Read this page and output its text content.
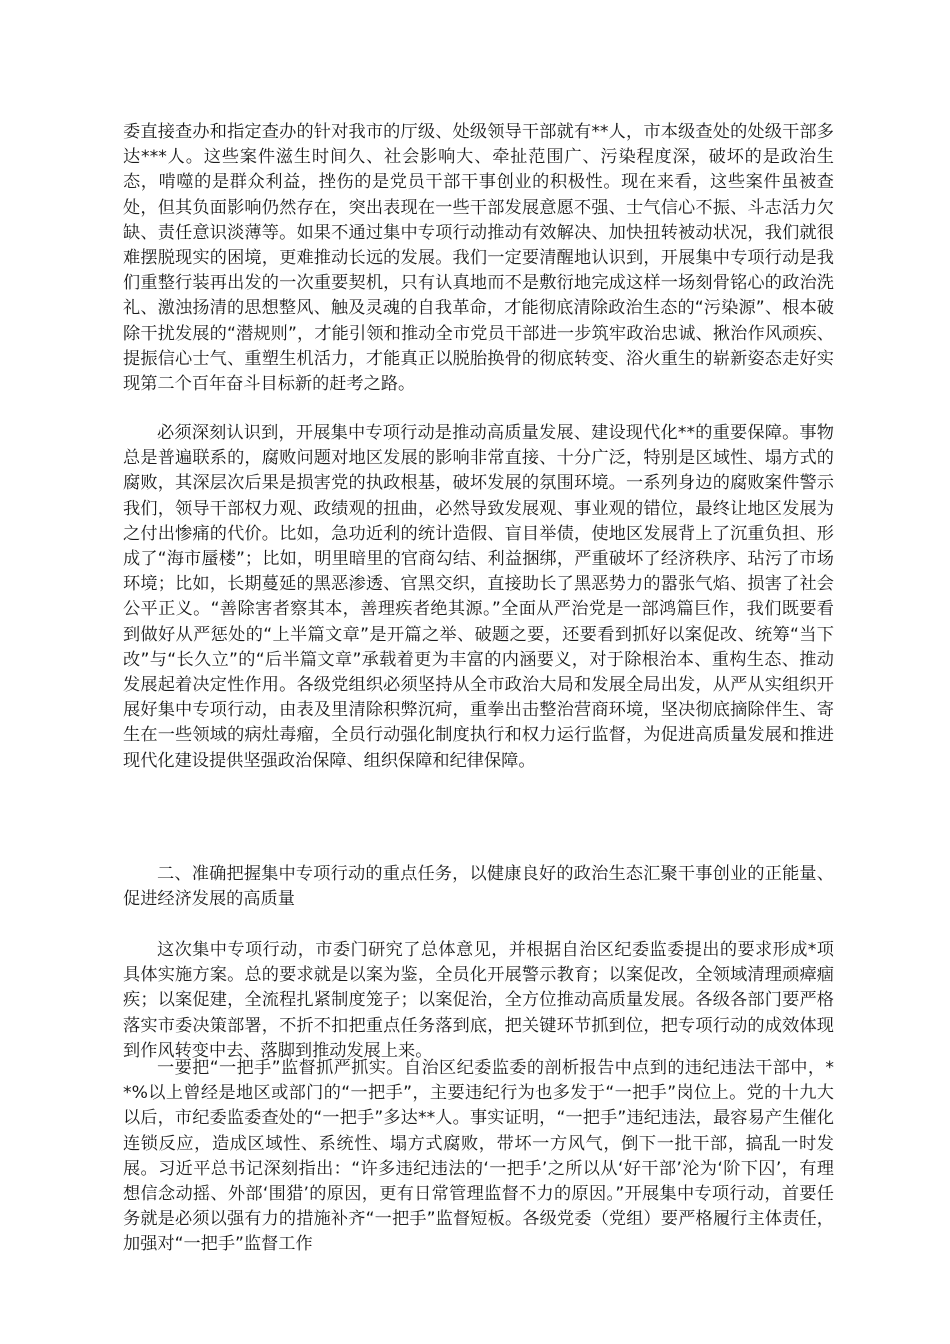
委直接查办和指定查办的针对我市的厅级、处级领导干部就有**人，市本级查处的处级干部多达***人。这些案件滋生时间久、社会影响大、牵扯范围广、污染程度深，破坏的是政治生态，啃噬的是群众利益，挫伤的是党员干部干事创业的积极性。现在来看，这些案件虽被查处，但其负面影响仍然存在，突出表现在一些干部发展意愿不强、士气信心不振、斗志活力欠缺、责任意识淡薄等。如果不通过集中专项行动推动有效解决、加快扭转被动状况，我们就很难摆脱现实的困境，更难推动长远的发展。我们一定要清醒地认识到，开展集中专项行动是我们重整行装再出发的一次重要契机，只有认真地而不是敷衍地完成这样一场刻骨铭心的政治洗礼、激浊扬清的思想整风、触及灵魂的自我革命，才能彻底清除政治生态的“污染源”、根本破除干扰发展的“潜规则”，才能引领和推动全市党员干部进一步筑牢政治忠诚、揪治作风顽疾、提振信心士气、重塑生机活力，才能真正以脱胎换骨的彻底转变、浴火重生的崭新姿态走好实现第二个百年奋斗目标新的赶考之路。

必须深刻认识到，开展集中专项行动是推动高质量发展、建设现代化**的重要保障。事物总是普遍联系的，腐败问题对地区发展的影响非常直接、十分广泛，特别是区域性、塌方式的腐败，其深层次后果是损害党的执政根基，破坏发展的氛围环境。一系列身边的腐败案件警示我们，领导干部权力观、政绩观的扭曲，必然导致发展观、事业观的错位，最终让地区发展为之付出惨痛的代价。比如，急功近利的统计造假、盲目举债，使地区发展背上了沉重负担、形成了“海市蜃楼”；比如，明里暗里的官商勾结、利益捆绑，严重破坏了经济秩序、玷污了市场环境；比如，长期蔓延的黑恶渗透、官黑交织，直接助长了黑恶势力的嚣张气焰、损害了社会公平正义。“善除害者察其本，善理疾者绝其源。”全面从严治党是一部鸿篇巨作，我们既要看到做好从严惩处的“上半篇文章”是开篇之举、破题之要，还要看到抓好以案促改、统筹“当下改”与“长久立”的“后半篇文章”承载着更为丰富的内涵要义，对于除根治本、重构生态、推动发展起着决定性作用。各级党组织必须坚持从全市政治大局和发展全局出发，从严从实组织开展好集中专项行动，由表及里清除积弊沉疴，重拳出击整治营商环境，坚决彻底摘除伴生、寄生在一些领域的病灶毒瘤，全员行动强化制度执行和权力运行监督，为促进高质量发展和推进现代化建设提供坚强政治保障、组织保障和纪律保障。

二、准确把握集中专项行动的重点任务，以健康良好的政治生态汇聚干事创业的正能量、促进经济发展的高质量

这次集中专项行动，市委门研究了总体意见，并根据自治区纪委监委提出的要求形成*项具体实施方案。总的要求就是以案为鉴，全员化开展警示教育；以案促改，全领域清理顽瘴痼疾；以案促建，全流程扎紧制度笼子；以案促治，全方位推动高质量发展。各级各部门要严格落实市委决策部署，不折不扣把重点任务落到底，把关键环节抓到位，把专项行动的成效体现到作风转变中去、落脚到推动发展上来。

一要把“一把手”监督抓严抓实。自治区纪委监委的剖析报告中点到的违纪违法干部中，**%以上曾经是地区或部门的“一把手”，主要违纪行为也多发于“一把手”岗位上。党的十九大以后，市纪委监委查处的“一把手”多达**人。事实证明，“一把手”违纪违法，最容易产生催化连锁反应，造成区域性、系统性、塌方式腐败，带坏一方风气，倒下一批干部，搞乱一时发展。习近平总书记深刻指出：“许多违纪违法的‘一把手’之所以从‘好干部’沦为‘阶下囚’，有理想信念动摇、外部‘围猎’的原因，更有日常管理监督不力的原因。”开展集中专项行动，首要任务就是必须以强有力的措施补齐“一把手”监督短板。各级党委（党组）要严格履行主体责任，加强对“一把手”监督工作
